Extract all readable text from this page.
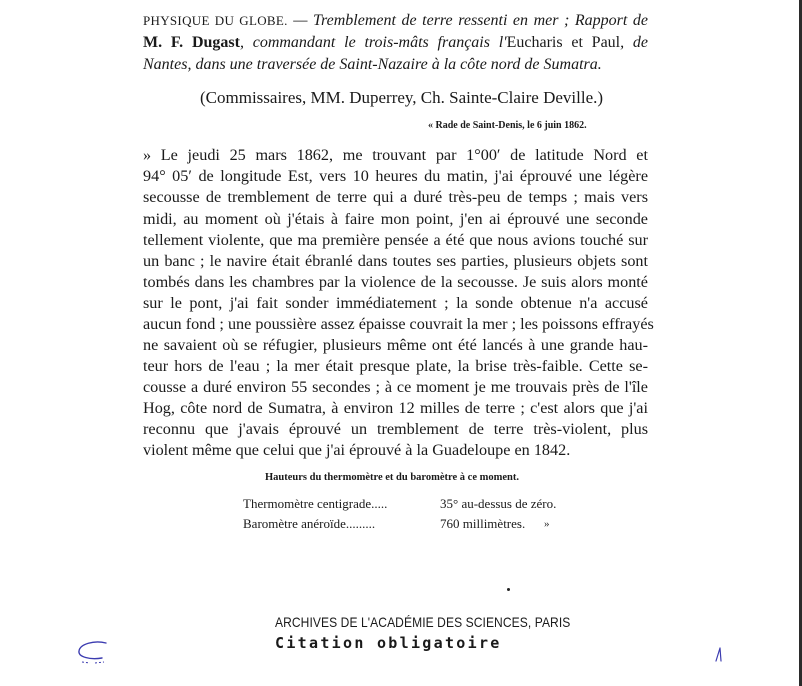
PHYSIQUE DU GLOBE. — Tremblement de terre ressenti en mer ; Rapport de
M. F. Dugast, commandant le trois-mâts français l'Eucharis et Paul, de
Nantes, dans une traversée de Saint-Nazaire à la côte nord de Sumatra.
(Commissaires, MM. Duperrey, Ch. Sainte-Claire Deville.)
« Rade de Saint-Denis, le 6 juin 1862.
» Le jeudi 25 mars 1862, me trouvant par 1°00′ de latitude Nord et
94° 05′ de longitude Est, vers 10 heures du matin, j'ai éprouvé une légère
secousse de tremblement de terre qui a duré très-peu de temps ; mais vers
midi, au moment où j'étais à faire mon point, j'en ai éprouvé une seconde
tellement violente, que ma première pensée a été que nous avions touché sur
un banc ; le navire était ébranlé dans toutes ses parties, plusieurs objets sont
tombés dans les chambres par la violence de la secousse. Je suis alors monté
sur le pont, j'ai fait sonder immédiatement ; la sonde obtenue n'a accusé
aucun fond ; une poussière assez épaisse couvrait la mer ; les poissons effrayés
ne savaient où se réfugier, plusieurs même ont été lancés à une grande hau-
teur hors de l'eau ; la mer était presque plate, la brise très-faible. Cette se-
cousse a duré environ 55 secondes ; à ce moment je me trouvais près de l'île
Hog, côte nord de Sumatra, à environ 12 milles de terre ; c'est alors que j'ai
reconnu que j'avais éprouvé un tremblement de terre très-violent, plus
violent même que celui que j'ai éprouvé à la Guadeloupe en 1842.
Hauteurs du thermomètre et du baromètre à ce moment.
Thermomètre centigrade.....	35° au-dessus de zéro.
Baromètre anéroïde.........	760 millimètres. »
ARCHIVES DE L'ACADÉMIE DES SCIENCES, PARIS
Citation obligatoire
